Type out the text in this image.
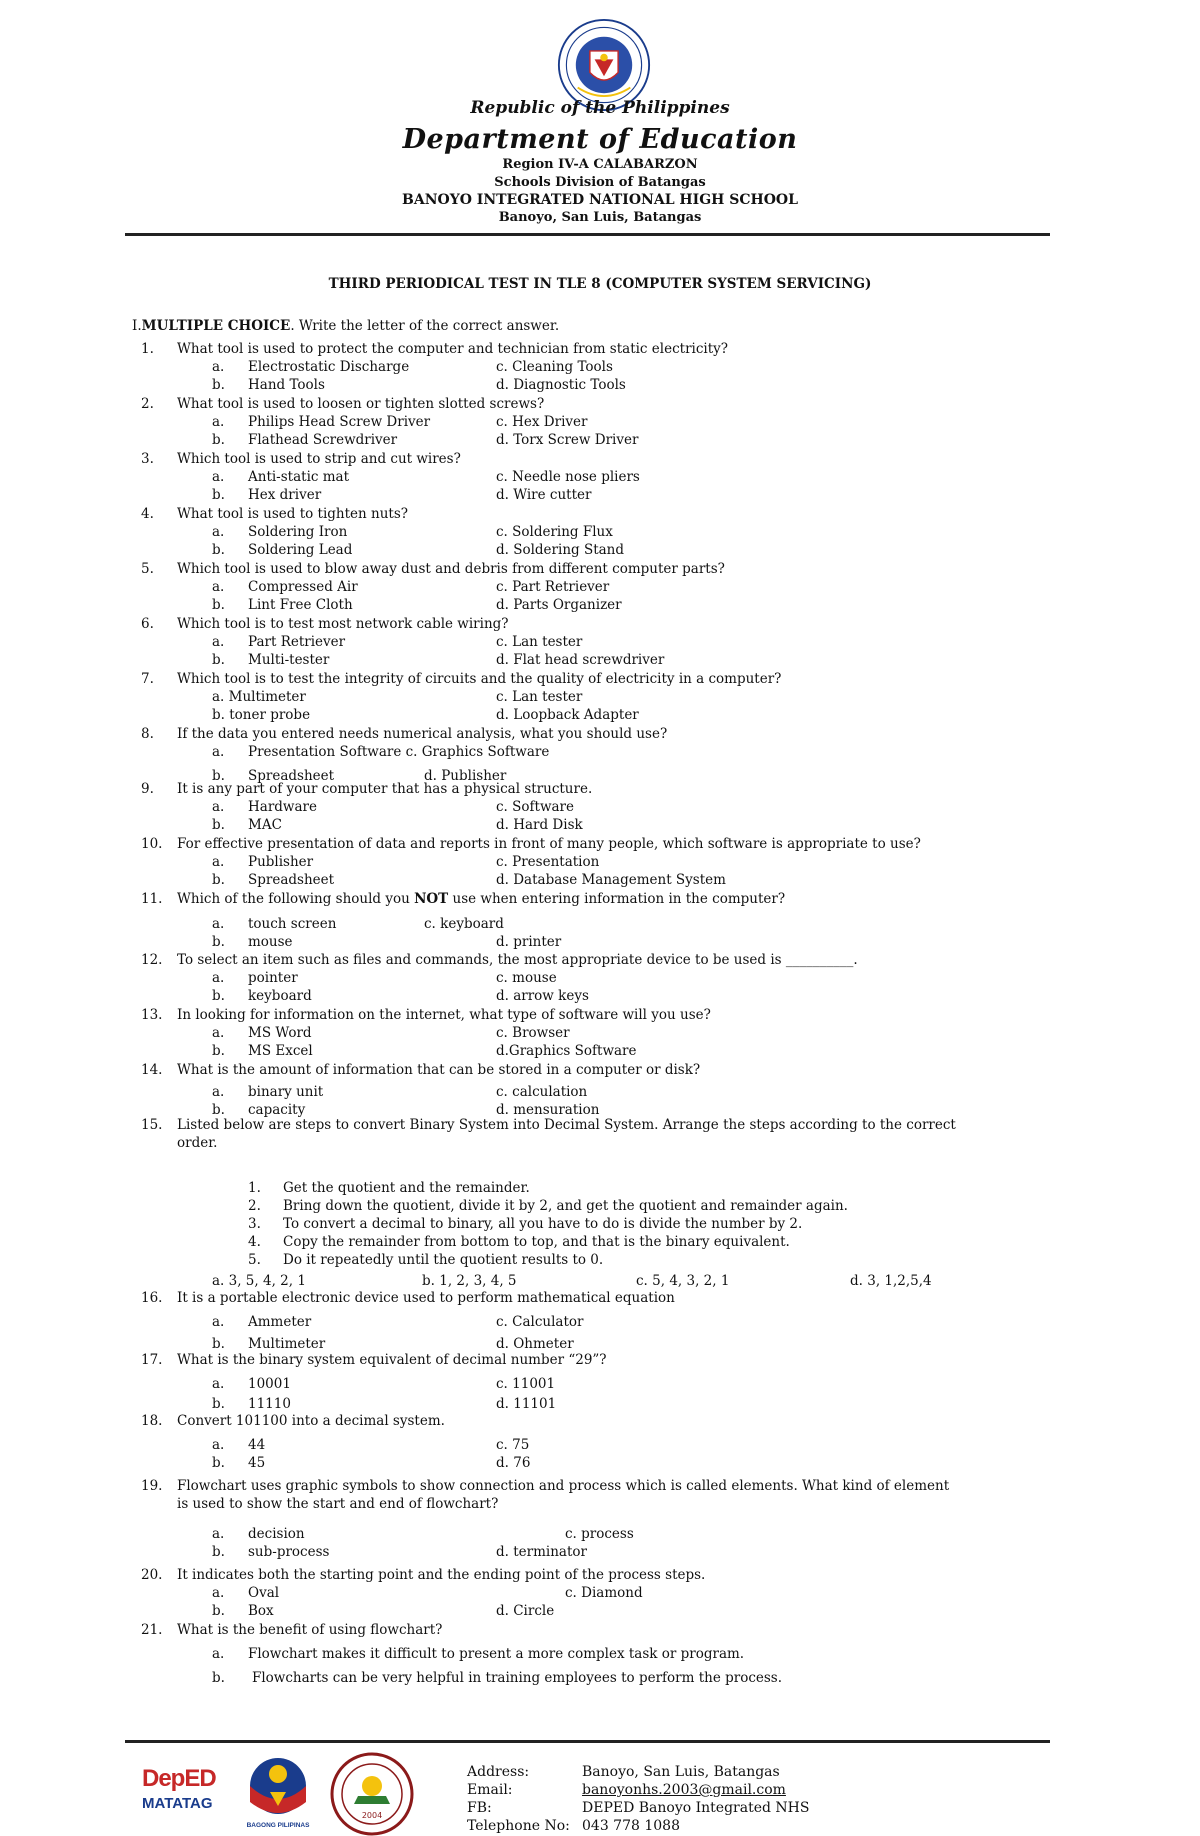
Republic of the Philippines
Department of Education
Region IV-A CALABARZON
Schools Division of Batangas
BANOYO INTEGRATED NATIONAL HIGH SCHOOL
Banoyo, San Luis, Batangas
THIRD PERIODICAL TEST IN TLE 8 (COMPUTER SYSTEM SERVICING)
I.MULTIPLE CHOICE. Write the letter of the correct answer.
1.	What tool is used to protect the computer and technician from static electricity?
a. Electrostatic Discharge	c. Cleaning Tools
b. Hand Tools	d. Diagnostic Tools
2.	What tool is used to loosen or tighten slotted screws?
a. Philips Head Screw Driver	c. Hex Driver
b. Flathead Screwdriver	d. Torx Screw Driver
3.	Which tool is used to strip and cut wires?
a. Anti-static mat	c. Needle nose pliers
b. Hex driver	d. Wire cutter
4.	What tool is used to tighten nuts?
a. Soldering Iron	c. Soldering Flux
b. Soldering Lead	d. Soldering Stand
5.	Which tool is used to blow away dust and debris from different computer parts?
a. Compressed Air	c. Part Retriever
b. Lint Free Cloth	d. Parts Organizer
6.	Which tool is to test most network cable wiring?
a. Part Retriever	c. Lan tester
b. Multi-tester	d. Flat head screwdriver
7.	Which tool is to test the integrity of circuits and the quality of electricity in a computer?
a. Multimeter	c. Lan tester
b. toner probe	d. Loopback Adapter
8.	If the data you entered needs numerical analysis, what you should use?
a. Presentation Software c. Graphics Software
b. Spreadsheet	d. Publisher
9.	It is any part of your computer that has a physical structure.
a. Hardware	c. Software
b. MAC	d. Hard Disk
10.	For effective presentation of data and reports in front of many people, which software is appropriate to use?
a. Publisher	c. Presentation
b. Spreadsheet	d. Database Management System
11.	Which of the following should you NOT use when entering information in the computer?
a. touch screen	c. keyboard
b. mouse	d. printer
12.	To select an item such as files and commands, the most appropriate device to be used is __________.
a. pointer	c. mouse
b. keyboard	d. arrow keys
13.	In looking for information on the internet, what type of software will you use?
a. MS Word	c. Browser
b. MS Excel	d.Graphics Software
14.	What is the amount of information that can be stored in a computer or disk?
a. binary unit	c. calculation
b. capacity	d. mensuration
15.	Listed below are steps to convert Binary System into Decimal System. Arrange the steps according to the correct
order.
1. Get the quotient and the remainder.
2. Bring down the quotient, divide it by 2, and get the quotient and remainder again.
3. To convert a decimal to binary, all you have to do is divide the number by 2.
4. Copy the remainder from bottom to top, and that is the binary equivalent.
5. Do it repeatedly until the quotient results to 0.
a. 3, 5, 4, 2, 1	b. 1, 2, 3, 4, 5	c. 5, 4, 3, 2, 1	d. 3, 1,2,5,4
16.	It is a portable electronic device used to perform mathematical equation
a. Ammeter	c. Calculator
b. Multimeter	d. Ohmeter
17.	What is the binary system equivalent of decimal number “29”?
a. 10001	c. 11001
b. 11110	d. 11101
18.	Convert 101100 into a decimal system.
a. 44	c. 75
b. 45	d. 76
19.	Flowchart uses graphic symbols to show connection and process which is called elements. What kind of element
is used to show the start and end of flowchart?
a. decision	c. process
b. sub-process	d. terminator
20.	It indicates both the starting point and the ending point of the process steps.
a. Oval	c. Diamond
b. Box	d. Circle
21.	What is the benefit of using flowchart?
a. Flowchart makes it difficult to present a more complex task or program.
b. Flowcharts can be very helpful in training employees to perform the process.
DepED
MATATAG
BAGONG PILIPINAS
2004
Address:	Banoyo, San Luis, Batangas
Email:	banoyonhs.2003@gmail.com
FB:	DEPED Banoyo Integrated NHS
Telephone No: 043 778 1088
